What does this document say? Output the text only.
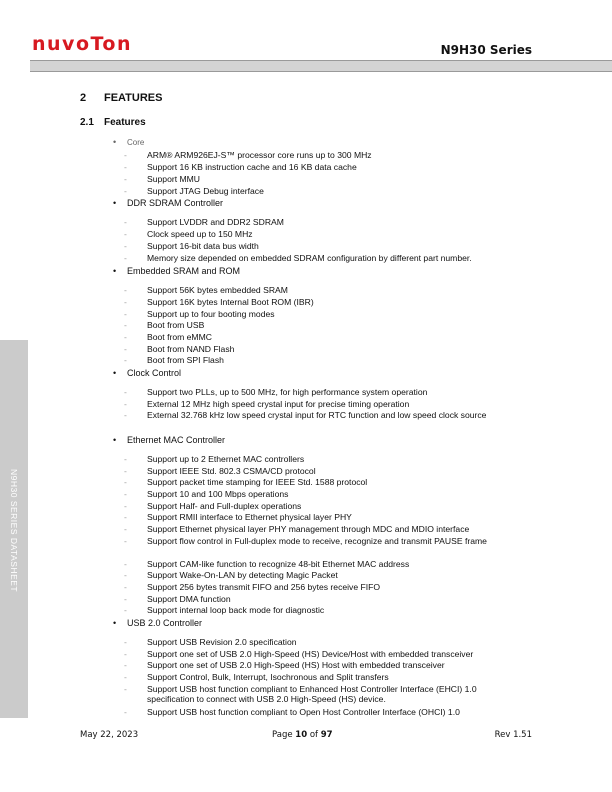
nuvoTon	N9H30 Series
N9H30 SERIES DATASHEET
2 FEATURES
2.1 Features
• Core
- ARM® ARM926EJ-S™ processor core runs up to 300 MHz
- Support 16 KB instruction cache and 16 KB data cache
- Support MMU
- Support JTAG Debug interface
• DDR SDRAM Controller
- Support LVDDR and DDR2 SDRAM
- Clock speed up to 150 MHz
- Support 16-bit data bus width
- Memory size depended on embedded SDRAM configuration by different part number.
• Embedded SRAM and ROM
- Support 56K bytes embedded SRAM
- Support 16K bytes Internal Boot ROM (IBR)
- Support up to four booting modes
- Boot from USB
- Boot from eMMC
- Boot from NAND Flash
- Boot from SPI Flash
• Clock Control
- Support two PLLs, up to 500 MHz, for high performance system operation
- External 12 MHz high speed crystal input for precise timing operation
- External 32.768 kHz low speed crystal input for RTC function and low speed clock source
• Ethernet MAC Controller
- Support up to 2 Ethernet MAC controllers
- Support IEEE Std. 802.3 CSMA/CD protocol
- Support packet time stamping for IEEE Std. 1588 protocol
- Support 10 and 100 Mbps operations
- Support Half- and Full-duplex operations
- Support RMII interface to Ethernet physical layer PHY
- Support Ethernet physical layer PHY management through MDC and MDIO interface
- Support flow control in Full-duplex mode to receive, recognize and transmit PAUSE frame
- Support CAM-like function to recognize 48-bit Ethernet MAC address
- Support Wake-On-LAN by detecting Magic Packet
- Support 256 bytes transmit FIFO and 256 bytes receive FIFO
- Support DMA function
- Support internal loop back mode for diagnostic
• USB 2.0 Controller
- Support USB Revision 2.0 specification
- Support one set of USB 2.0 High-Speed (HS) Device/Host with embedded transceiver
- Support one set of USB 2.0 High-Speed (HS) Host with embedded transceiver
- Support Control, Bulk, Interrupt, Isochronous and Split transfers
- Support USB host function compliant to Enhanced Host Controller Interface (EHCI) 1.0 specification to connect with USB 2.0 High-Speed (HS) device.
- Support USB host function compliant to Open Host Controller Interface (OHCI) 1.0
May 22, 2023	Page 10 of 97	Rev 1.51
